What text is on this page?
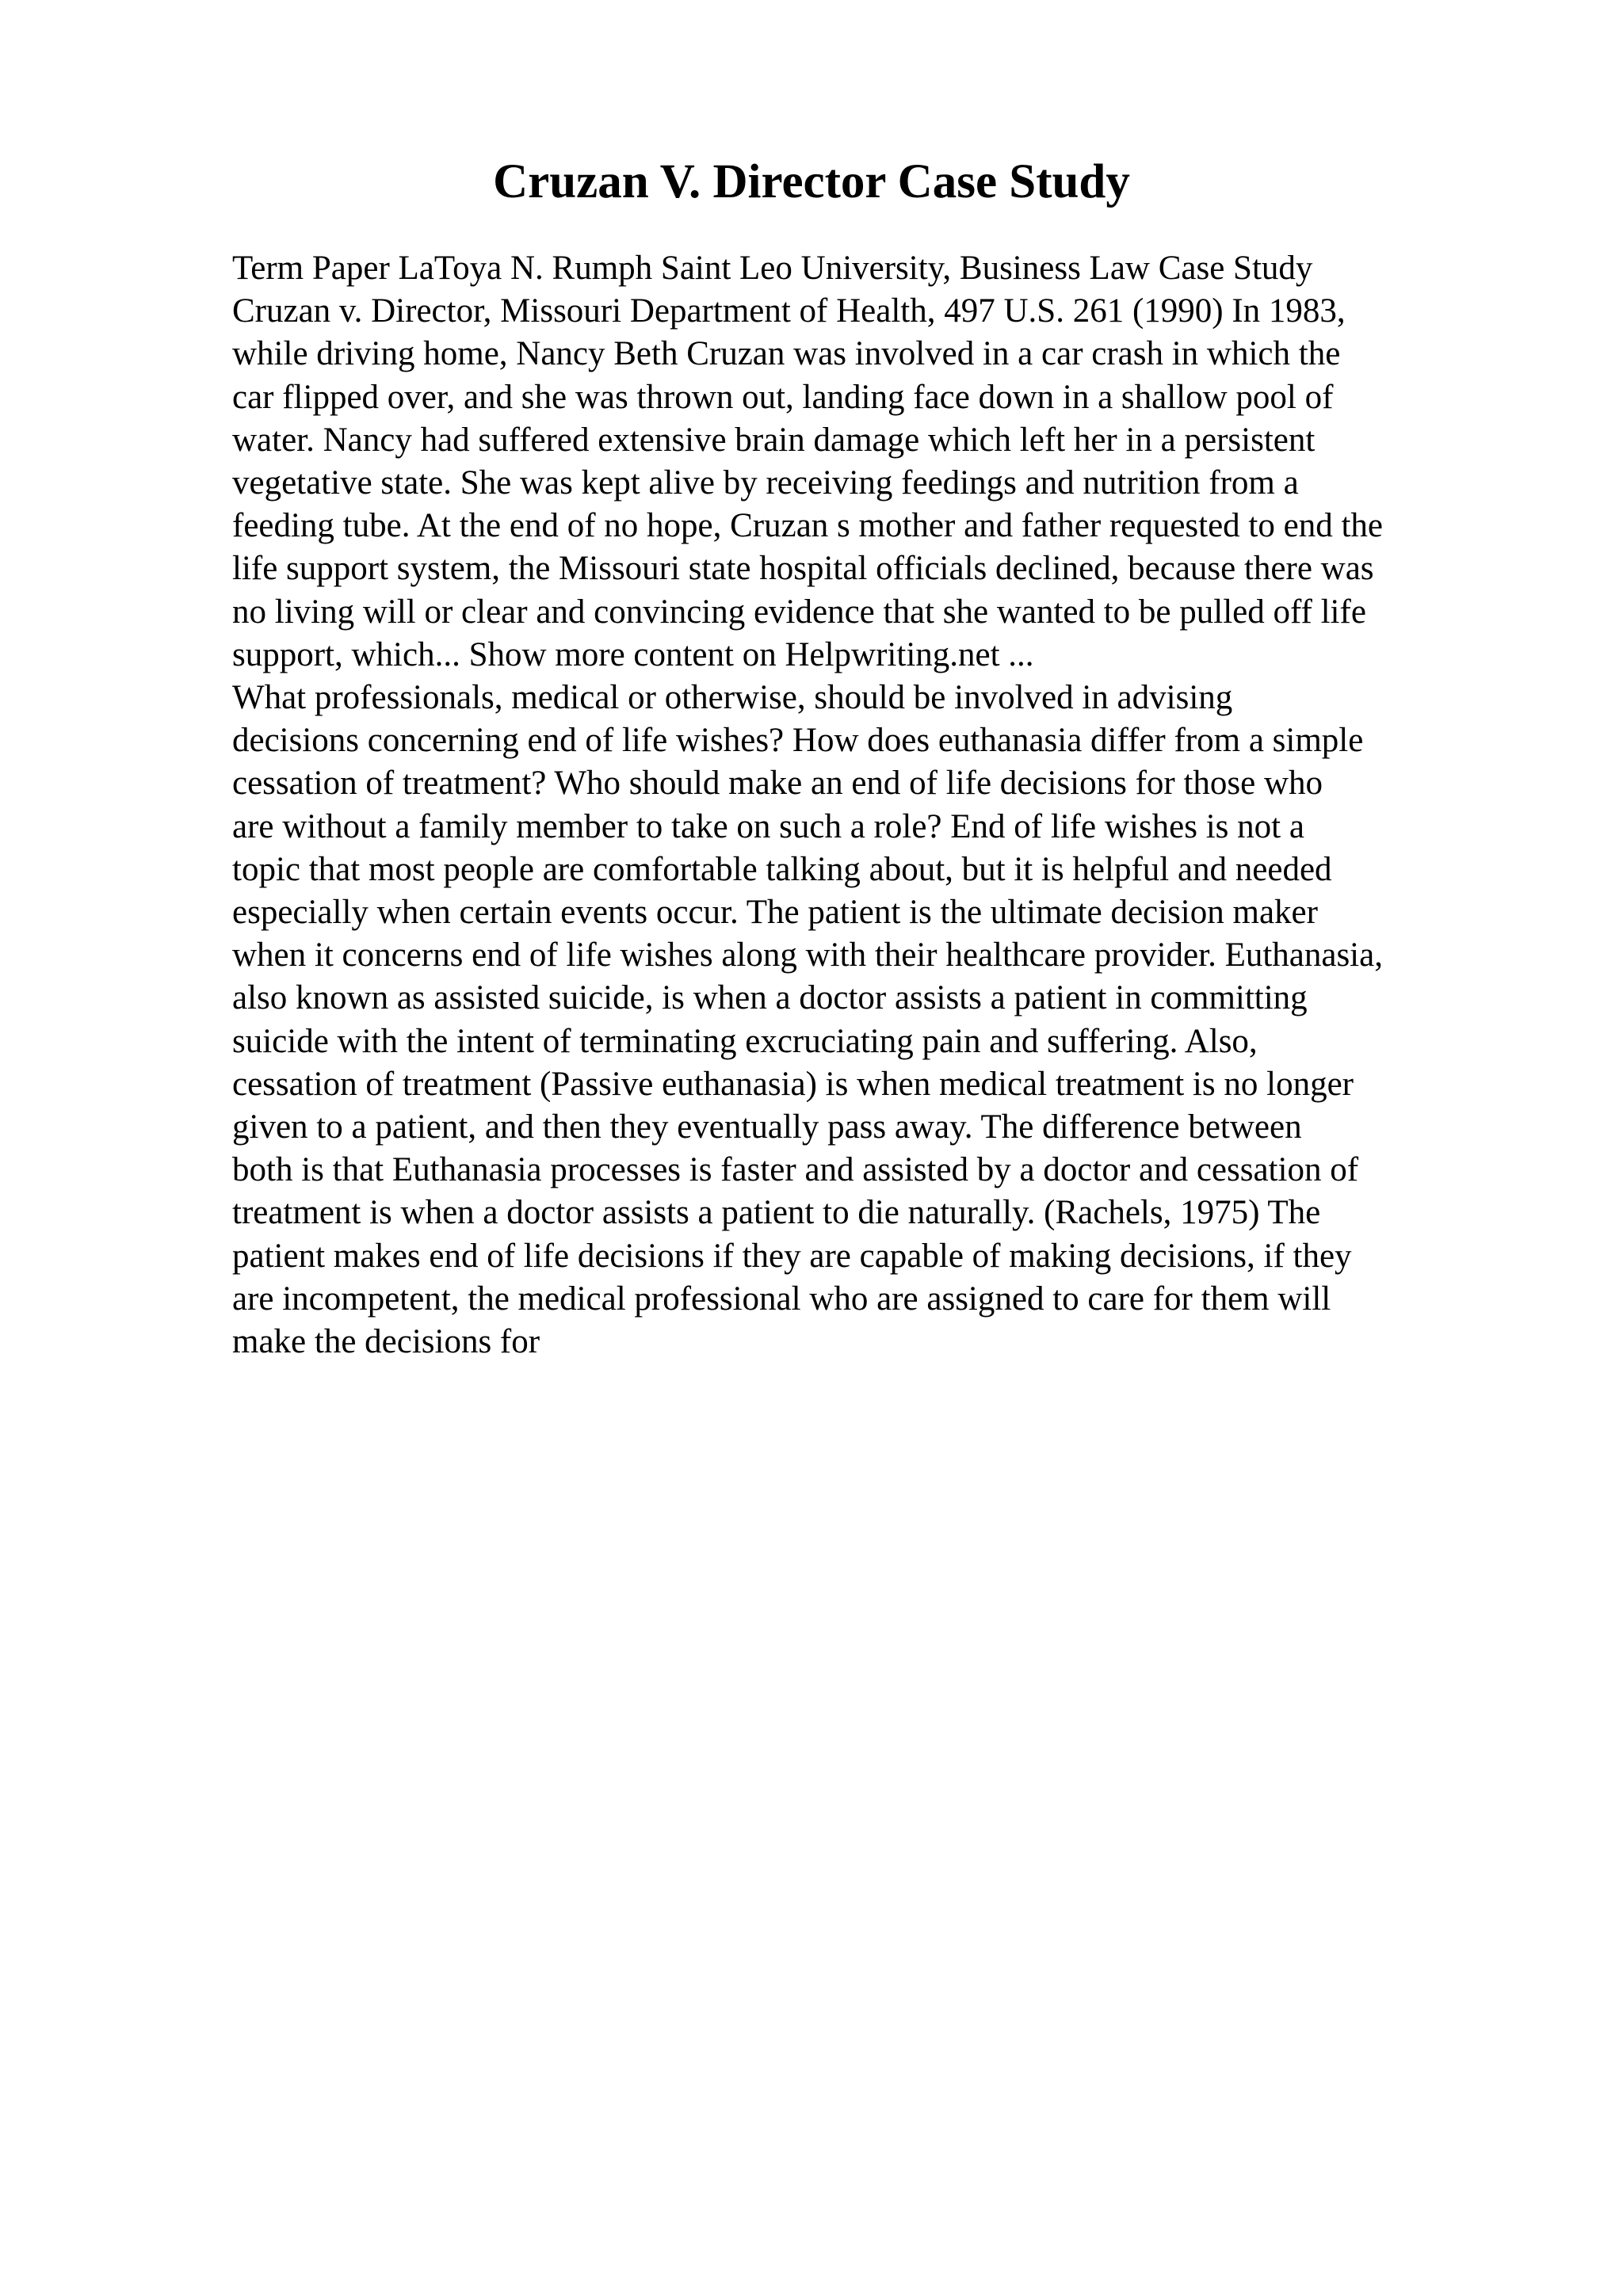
Cruzan V. Director Case Study
Term Paper LaToya N. Rumph Saint Leo University, Business Law Case Study
Cruzan v. Director, Missouri Department of Health, 497 U.S. 261 (1990) In 1983,
while driving home, Nancy Beth Cruzan was involved in a car crash in which the
car flipped over, and she was thrown out, landing face down in a shallow pool of
water. Nancy had suffered extensive brain damage which left her in a persistent
vegetative state. She was kept alive by receiving feedings and nutrition from a
feeding tube. At the end of no hope, Cruzan s mother and father requested to end the
life support system, the Missouri state hospital officials declined, because there was
no living will or clear and convincing evidence that she wanted to be pulled off life
support, which... Show more content on Helpwriting.net ...
What professionals, medical or otherwise, should be involved in advising
decisions concerning end of life wishes? How does euthanasia differ from a simple
cessation of treatment? Who should make an end of life decisions for those who
are without a family member to take on such a role? End of life wishes is not a
topic that most people are comfortable talking about, but it is helpful and needed
especially when certain events occur. The patient is the ultimate decision maker
when it concerns end of life wishes along with their healthcare provider. Euthanasia,
also known as assisted suicide, is when a doctor assists a patient in committing
suicide with the intent of terminating excruciating pain and suffering. Also,
cessation of treatment (Passive euthanasia) is when medical treatment is no longer
given to a patient, and then they eventually pass away. The difference between
both is that Euthanasia processes is faster and assisted by a doctor and cessation of
treatment is when a doctor assists a patient to die naturally. (Rachels, 1975) The
patient makes end of life decisions if they are capable of making decisions, if they
are incompetent, the medical professional who are assigned to care for them will
make the decisions for
